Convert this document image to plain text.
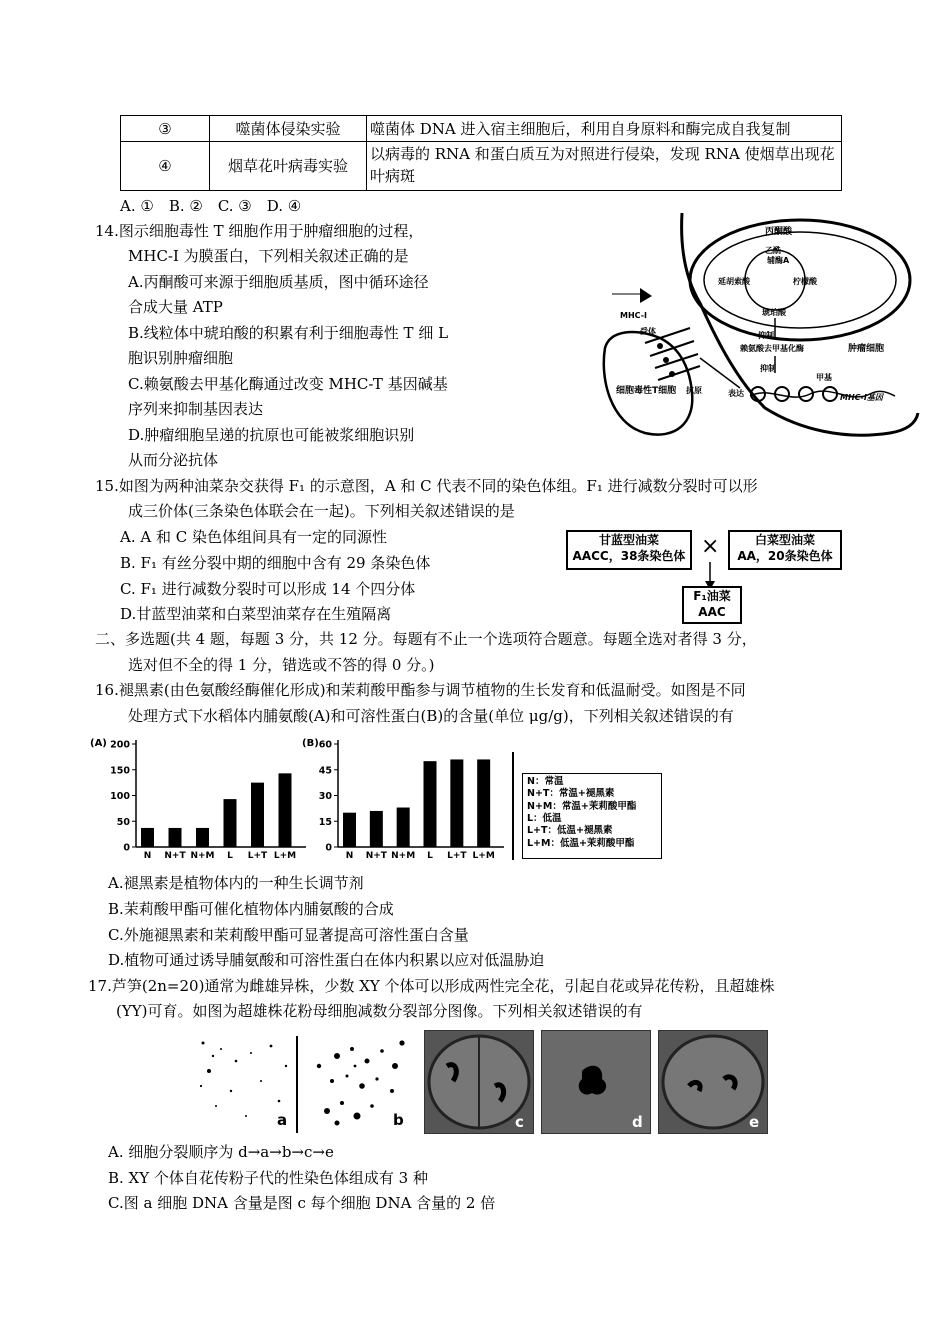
③	噬菌体侵染实验	噬菌体 DNA 进入宿主细胞后，利用自身原料和酶完成自我复制
④	烟草花叶病毒实验	以病毒的 RNA 和蛋白质互为对照进行侵染，发现 RNA 使烟草出现花叶病斑
A. ①　B. ②　C. ③　D. ④
14.图示细胞毒性 T 细胞作用于肿瘤细胞的过程，
MHC-I 为膜蛋白，下列相关叙述正确的是
A.丙酮酸可来源于细胞质基质，图中循环途径
合成大量 ATP
B.线粒体中琥珀酸的积累有利于细胞毒性 T 细 L
胞识别肿瘤细胞
C.赖氨酸去甲基化酶通过改变 MHC-T 基因碱基
序列来抑制基因表达
D.肿瘤细胞呈递的抗原也可能被浆细胞识别
从而分泌抗体
丙酮酸
乙酰
辅酶A
延胡索酸	柠檬酸
琥珀酸
抑制
赖氨酸去甲基化酶	肿瘤细胞
抑制
甲基
MHC-I基因
表达
细胞毒性T细胞
MHC-I
受体
抗原
15.如图为两种油菜杂交获得 F₁ 的示意图，A 和 C 代表不同的染色体组。F₁ 进行减数分裂时可以形
成三价体(三条染色体联会在一起)。下列相关叙述错误的是
A. A 和 C 染色体组间具有一定的同源性
B. F₁ 有丝分裂中期的细胞中含有 29 条染色体
C. F₁ 进行减数分裂时可以形成 14 个四分体
D.甘蓝型油菜和白菜型油菜存在生殖隔离
甘蓝型油菜
AACC，38条染色体 ×	白菜型油菜
AA，20条染色体
F₁油菜
AAC
二、多选题(共 4 题，每题 3 分，共 12 分。每题有不止一个选项符合题意。每题全选对者得 3 分，
选对但不全的得 1 分，错选或不答的得 0 分。)
16.褪黑素(由色氨酸经酶催化形成)和茉莉酸甲酯参与调节植物的生长发育和低温耐受。如图是不同
处理方式下水稻体内脯氨酸(A)和可溶性蛋白(B)的含量(单位 μg/g)，下列相关叙述错误的有
(A)
0
50
100
150
200
N N+T N+M L L+T L+M
(B)
0
15
30
45
60
N N+T N+M L L+T L+M
N：常温
N+T：常温+褪黑素
N+M：常温+茉莉酸甲酯
L：低温
L+T：低温+褪黑素
L+M：低温+茉莉酸甲酯
A.褪黑素是植物体内的一种生长调节剂
B.茉莉酸甲酯可催化植物体内脯氨酸的合成
C.外施褪黑素和茉莉酸甲酯可显著提高可溶性蛋白含量
D.植物可通过诱导脯氨酸和可溶性蛋白在体内积累以应对低温胁迫
17.芦笋(2n=20)通常为雌雄异株，少数 XY 个体可以形成两性完全花，引起自花或异花传粉，且超雄株
(YY)可育。如图为超雄株花粉母细胞减数分裂部分图像。下列相关叙述错误的有
a	b	c	d	e
A. 细胞分裂顺序为 d→a→b→c→e
B. XY 个体自花传粉子代的性染色体组成有 3 种
C.图 a 细胞 DNA 含量是图 c 每个细胞 DNA 含量的 2 倍
